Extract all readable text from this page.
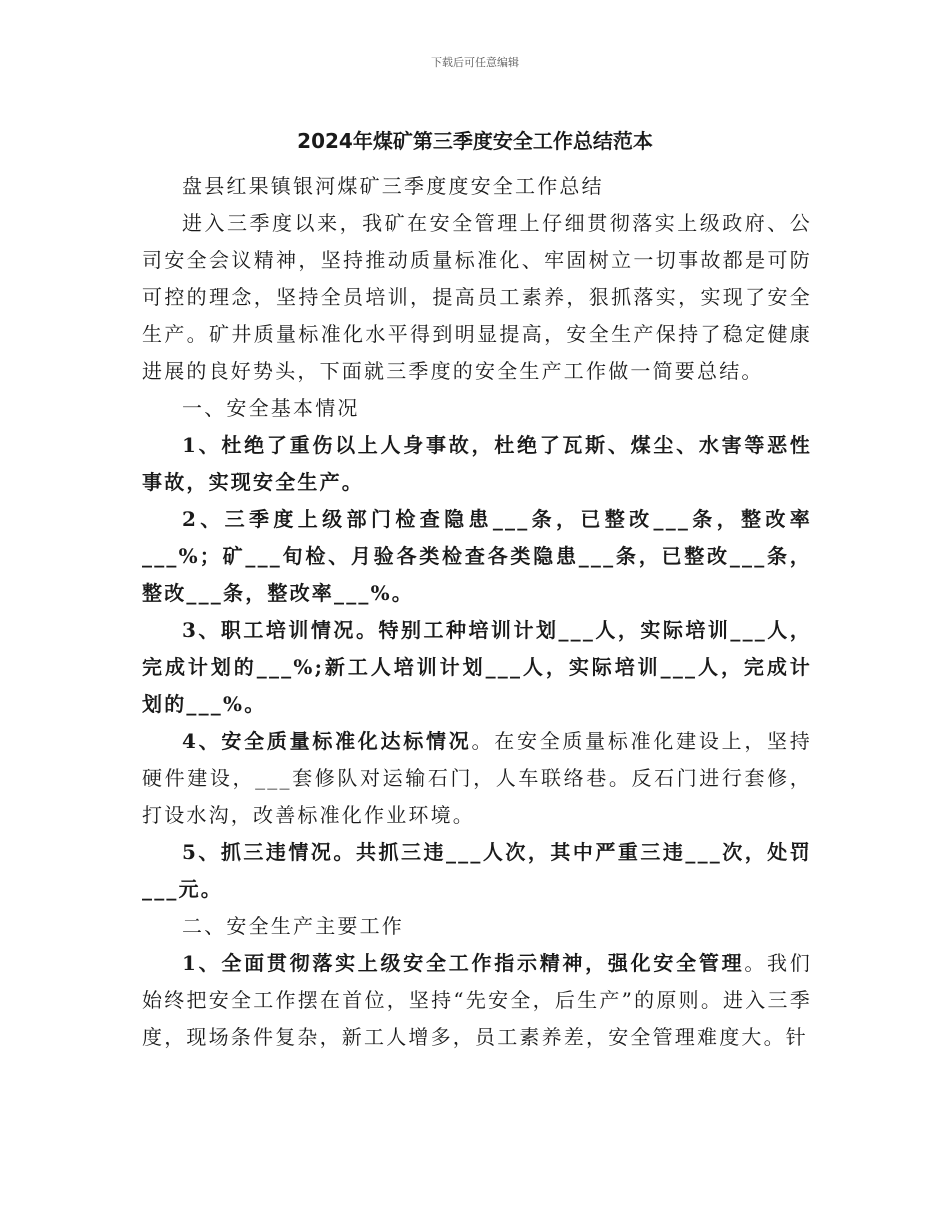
下载后可任意编辑
2024年煤矿第三季度安全工作总结范本

盘县红果镇银河煤矿三季度度安全工作总结

进入三季度以来，我矿在安全管理上仔细贯彻落实上级政府、公司安全会议精神，坚持推动质量标准化、牢固树立一切事故都是可防可控的理念，坚持全员培训，提高员工素养，狠抓落实，实现了安全生产。矿井质量标准化水平得到明显提高，安全生产保持了稳定健康进展的良好势头，下面就三季度的安全生产工作做一简要总结。

一、安全基本情况

1、杜绝了重伤以上人身事故，杜绝了瓦斯、煤尘、水害等恶性事故，实现安全生产。

2、三季度上级部门检查隐患___条，已整改___条，整改率___%；矿___旬检、月验各类检查各类隐患___条，已整改___条，整改___条，整改率___%。

3、职工培训情况。特别工种培训计划___人，实际培训___人，完成计划的___%;新工人培训计划___人，实际培训___人，完成计划的___%。

4、安全质量标准化达标情况。在安全质量标准化建设上，坚持硬件建设，___套修队对运输石门，人车联络巷。反石门进行套修，打设水沟，改善标准化作业环境。

5、抓三违情况。共抓三违___人次，其中严重三违___次，处罚___元。

二、安全生产主要工作

1、全面贯彻落实上级安全工作指示精神，强化安全管理。我们始终把安全工作摆在首位，坚持“先安全，后生产”的原则。进入三季度，现场条件复杂，新工人增多，员工素养差，安全管理难度大。针
